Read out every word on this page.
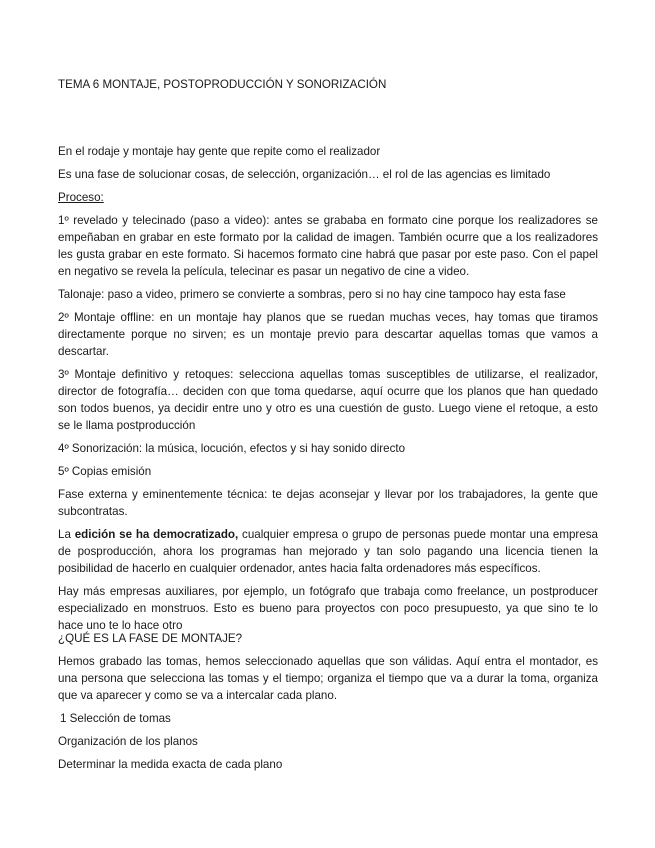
TEMA 6 MONTAJE, POSTOPRODUCCIÓN Y SONORIZACIÓN

En el rodaje y montaje hay gente que repite como el realizador

Es una fase de solucionar cosas, de selección, organización… el rol de las agencias es limitado

Proceso:

1º revelado y telecinado (paso a video): antes se grababa en formato cine porque los realizadores se empeñaban en grabar en este formato por la calidad de imagen. También ocurre que a los realizadores les gusta grabar en este formato. Si hacemos formato cine habrá que pasar por este paso. Con el papel en negativo se revela la película, telecinar es pasar un negativo de cine a video.

Talonaje: paso a video, primero se convierte a sombras, pero si no hay cine tampoco hay esta fase

2º Montaje offline: en un montaje hay planos que se ruedan muchas veces, hay tomas que tiramos directamente porque no sirven; es un montaje previo para descartar aquellas tomas que vamos a descartar.

3º Montaje definitivo y retoques: selecciona aquellas tomas susceptibles de utilizarse, el realizador, director de fotografía… deciden con que toma quedarse, aquí ocurre que los planos que han quedado son todos buenos, ya decidir entre uno y otro es una cuestión de gusto. Luego viene el retoque, a esto se le llama postproducción

4º Sonorización: la música, locución, efectos y si hay sonido directo

5º Copias emisión

Fase externa y eminentemente técnica: te dejas aconsejar y llevar por los trabajadores, la gente que subcontratas.

La edición se ha democratizado, cualquier empresa o grupo de personas puede montar una empresa de posproducción, ahora los programas han mejorado y tan solo pagando una licencia tienen la posibilidad de hacerlo en cualquier ordenador, antes hacia falta ordenadores más específicos.

Hay más empresas auxiliares, por ejemplo, un fotógrafo que trabaja como freelance, un postproducer especializado en monstruos. Esto es bueno para proyectos con poco presupuesto, ya que sino te lo hace uno te lo hace otro

¿QUÉ ES LA FASE DE MONTAJE?

Hemos grabado las tomas, hemos seleccionado aquellas que son válidas. Aquí entra el montador, es una persona que selecciona las tomas y el tiempo; organiza el tiempo que va a durar la toma, organiza que va aparecer y como se va a intercalar cada plano.

1 Selección de tomas

Organización de los planos

Determinar la medida exacta de cada plano
